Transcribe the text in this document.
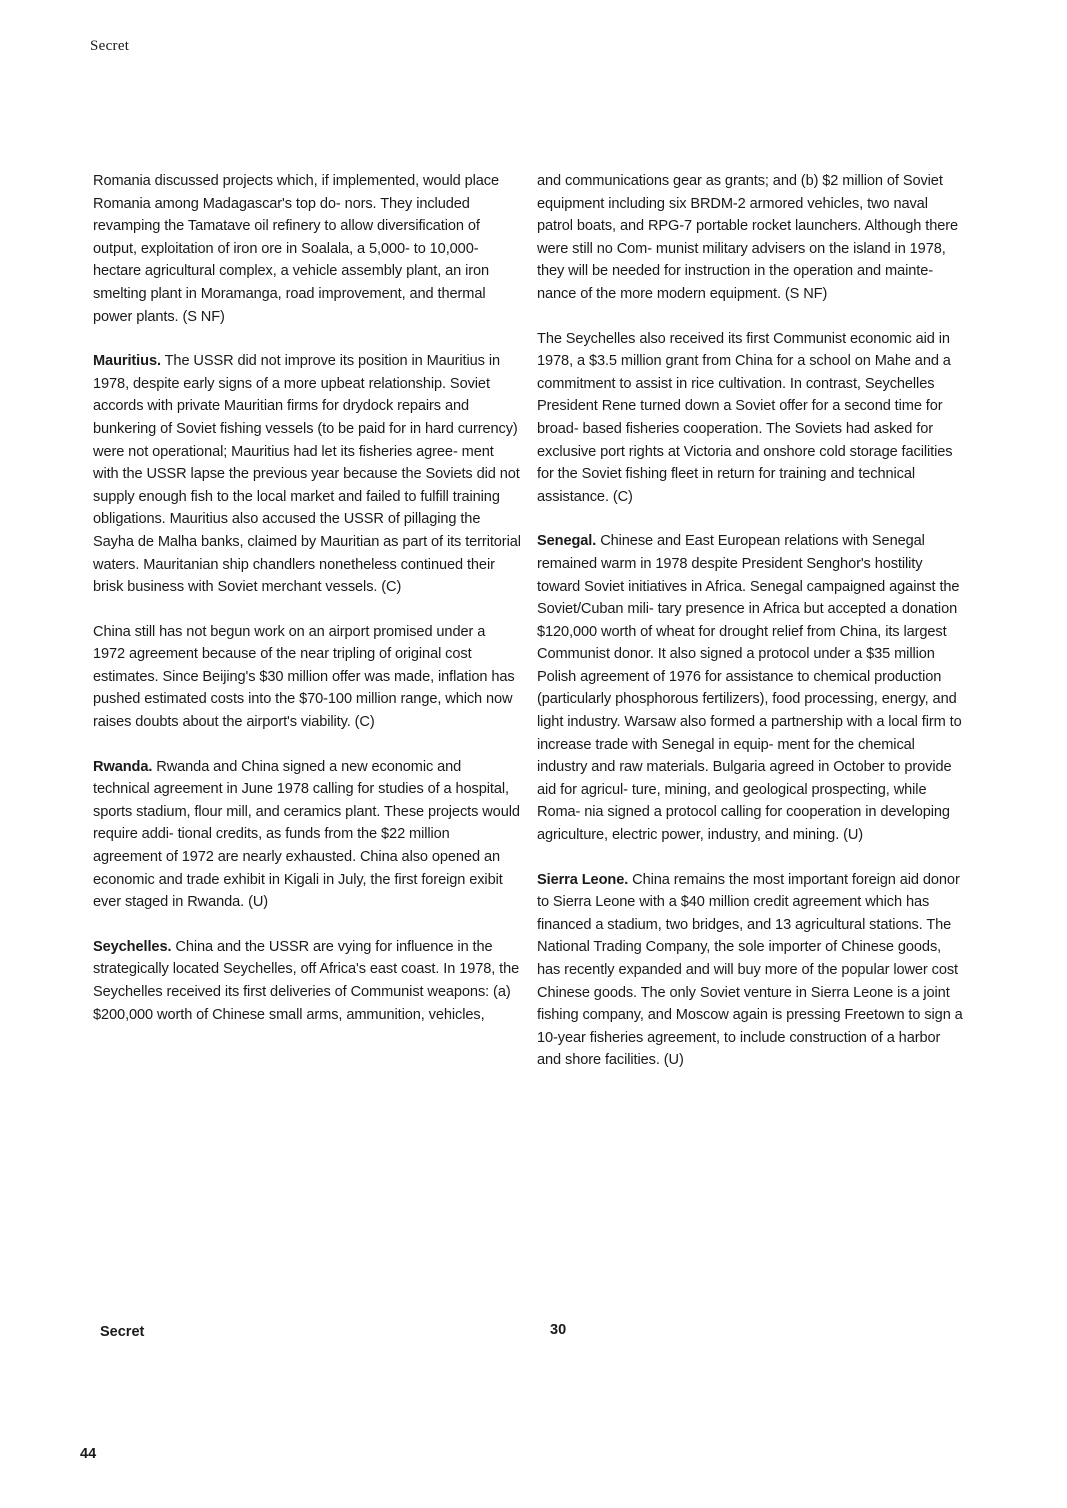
Secret

Romania discussed projects which, if implemented, would place Romania among Madagascar's top do- nors. They included revamping the Tamatave oil refinery to allow diversification of output, exploitation of iron ore in Soalala, a 5,000- to 10,000-hectare agricultural complex, a vehicle assembly plant, an iron smelting plant in Moramanga, road improvement, and thermal power plants. (S NF)

Mauritius. The USSR did not improve its position in Mauritius in 1978, despite early signs of a more upbeat relationship. Soviet accords with private Mauritian firms for drydock repairs and bunkering of Soviet fishing vessels (to be paid for in hard currency) were not operational; Mauritius had let its fisheries agree- ment with the USSR lapse the previous year because the Soviets did not supply enough fish to the local market and failed to fulfill training obligations. Mauritius also accused the USSR of pillaging the Sayha de Malha banks, claimed by Mauritian as part of its territorial waters. Mauritanian ship chandlers nonetheless continued their brisk business with Soviet merchant vessels. (C)

China still has not begun work on an airport promised under a 1972 agreement because of the near tripling of original cost estimates. Since Beijing's $30 million offer was made, inflation has pushed estimated costs into the $70-100 million range, which now raises doubts about the airport's viability. (C)

Rwanda. Rwanda and China signed a new economic and technical agreement in June 1978 calling for studies of a hospital, sports stadium, flour mill, and ceramics plant. These projects would require addi- tional credits, as funds from the $22 million agreement of 1972 are nearly exhausted. China also opened an economic and trade exhibit in Kigali in July, the first foreign exibit ever staged in Rwanda. (U)

Seychelles. China and the USSR are vying for influence in the strategically located Seychelles, off Africa's east coast. In 1978, the Seychelles received its first deliveries of Communist weapons: (a) $200,000 worth of Chinese small arms, ammunition, vehicles,

and communications gear as grants; and (b) $2 million of Soviet equipment including six BRDM-2 armored vehicles, two naval patrol boats, and RPG-7 portable rocket launchers. Although there were still no Com- munist military advisers on the island in 1978, they will be needed for instruction in the operation and mainte- nance of the more modern equipment. (S NF)

The Seychelles also received its first Communist economic aid in 1978, a $3.5 million grant from China for a school on Mahe and a commitment to assist in rice cultivation. In contrast, Seychelles President Rene turned down a Soviet offer for a second time for broad- based fisheries cooperation. The Soviets had asked for exclusive port rights at Victoria and onshore cold storage facilities for the Soviet fishing fleet in return for training and technical assistance. (C)

Senegal. Chinese and East European relations with Senegal remained warm in 1978 despite President Senghor's hostility toward Soviet initiatives in Africa. Senegal campaigned against the Soviet/Cuban mili- tary presence in Africa but accepted a donation $120,000 worth of wheat for drought relief from China, its largest Communist donor. It also signed a protocol under a $35 million Polish agreement of 1976 for assistance to chemical production (particularly phosphorous fertilizers), food processing, energy, and light industry. Warsaw also formed a partnership with a local firm to increase trade with Senegal in equip- ment for the chemical industry and raw materials. Bulgaria agreed in October to provide aid for agricul- ture, mining, and geological prospecting, while Roma- nia signed a protocol calling for cooperation in developing agriculture, electric power, industry, and mining. (U)

Sierra Leone. China remains the most important foreign aid donor to Sierra Leone with a $40 million credit agreement which has financed a stadium, two bridges, and 13 agricultural stations. The National Trading Company, the sole importer of Chinese goods, has recently expanded and will buy more of the popular lower cost Chinese goods. The only Soviet venture in Sierra Leone is a joint fishing company, and Moscow again is pressing Freetown to sign a 10-year fisheries agreement, to include construction of a harbor and shore facilities. (U)

Secret	30
44
